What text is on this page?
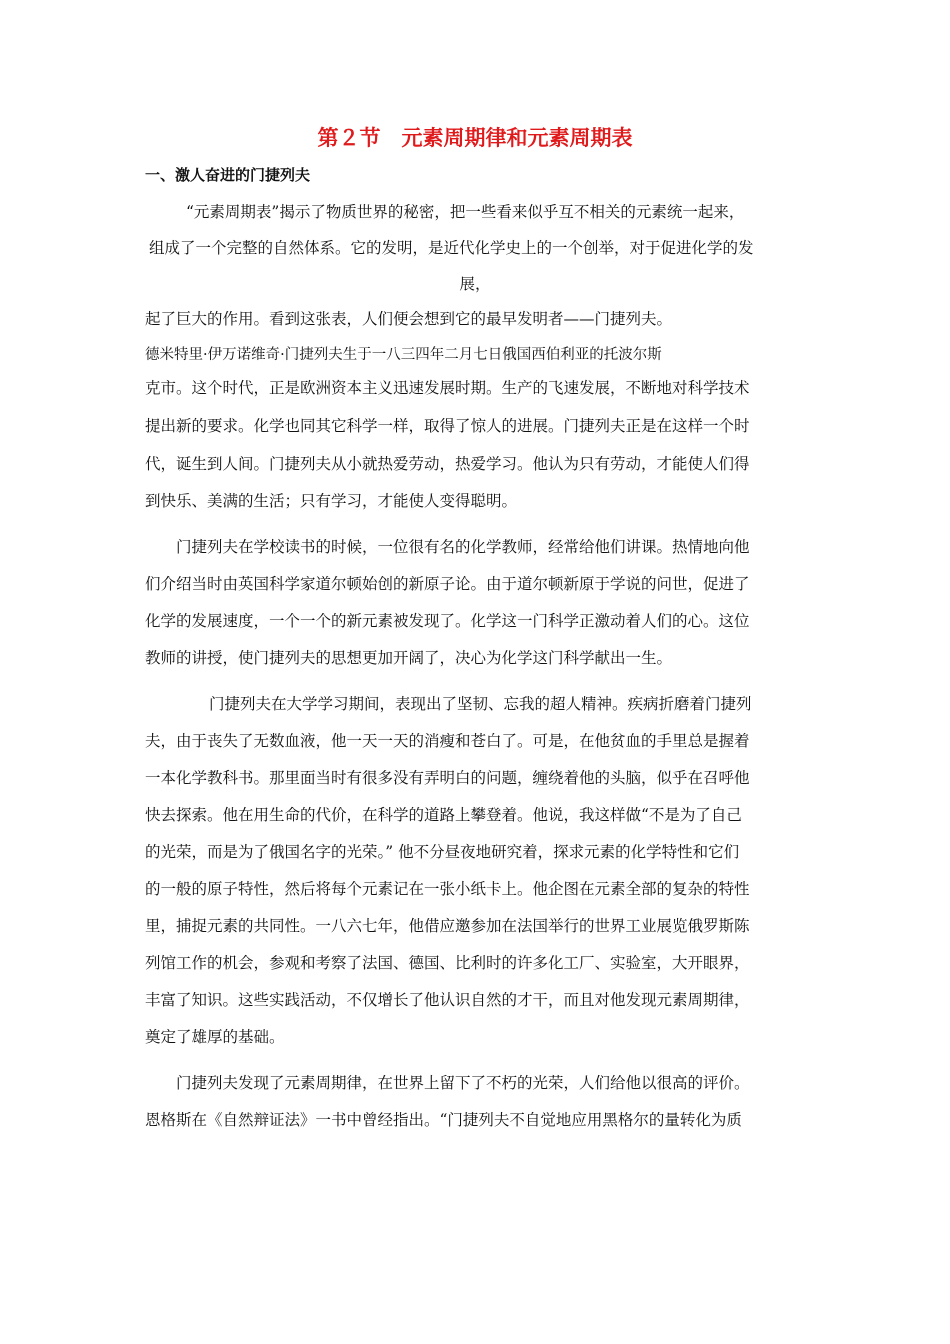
第２节　元素周期律和元素周期表
一、激人奋进的门捷列夫
“元素周期表”揭示了物质世界的秘密，把一些看来似乎互不相关的元素统一起来，
组成了一个完整的自然体系。它的发明，是近代化学史上的一个创举，对于促进化学的发
展，
起了巨大的作用。看到这张表，人们便会想到它的最早发明者——门捷列夫。
德米特里·伊万诺维奇·门捷列夫生于一八三四年二月七日俄国西伯利亚的托波尔斯
克市。这个时代，正是欧洲资本主义迅速发展时期。生产的飞速发展，不断地对科学技术
提出新的要求。化学也同其它科学一样，取得了惊人的进展。门捷列夫正是在这样一个时
代，诞生到人间。门捷列夫从小就热爱劳动，热爱学习。他认为只有劳动，才能使人们得
到快乐、美满的生活；只有学习，才能使人变得聪明。
门捷列夫在学校读书的时候，一位很有名的化学教师，经常给他们讲课。热情地向他
们介绍当时由英国科学家道尔顿始创的新原子论。由于道尔顿新原于学说的问世，促进了
化学的发展速度，一个一个的新元素被发现了。化学这一门科学正激动着人们的心。这位
教师的讲授，使门捷列夫的思想更加开阔了，决心为化学这门科学献出一生。
门捷列夫在大学学习期间，表现出了坚韧、忘我的超人精神。疾病折磨着门捷列
夫，由于丧失了无数血液，他一天一天的消瘦和苍白了。可是，在他贫血的手里总是握着
一本化学教科书。那里面当时有很多没有弄明白的问题，缠绕着他的头脑，似乎在召呼他
快去探索。他在用生命的代价，在科学的道路上攀登着。他说，我这样做“不是为了自己
的光荣，而是为了俄国名字的光荣。” 他不分昼夜地研究着，探求元素的化学特性和它们
的一般的原子特性，然后将每个元素记在一张小纸卡上。他企图在元素全部的复杂的特性
里，捕捉元素的共同性。一八六七年，他借应邀参加在法国举行的世界工业展览俄罗斯陈
列馆工作的机会，参观和考察了法国、德国、比利时的许多化工厂、实验室，大开眼界，
丰富了知识。这些实践活动，不仅增长了他认识自然的才干，而且对他发现元素周期律，
奠定了雄厚的基础。
门捷列夫发现了元素周期律，在世界上留下了不朽的光荣，人们给他以很高的评价。
恩格斯在《自然辩证法》一书中曾经指出。“门捷列夫不自觉地应用黑格尔的量转化为质
